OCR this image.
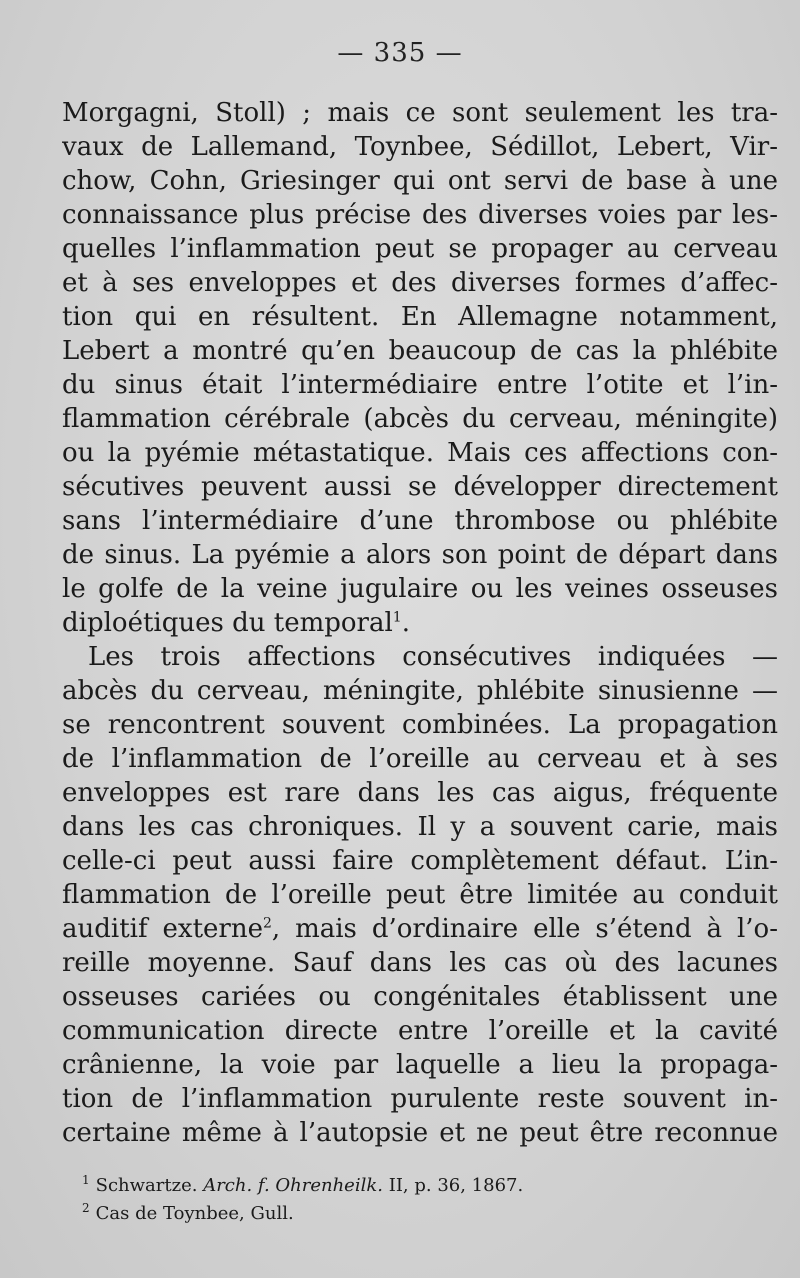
— 335 —
Morgagni, Stoll) ; mais ce sont seulement les tra-
vaux de Lallemand, Toynbee, Sédillot, Lebert, Vir-
chow, Cohn, Griesinger qui ont servi de base à une
connaissance plus précise des diverses voies par les-
quelles l’inflammation peut se propager au cerveau
et à ses enveloppes et des diverses formes d’affec-
tion qui en résultent. En Allemagne notamment,
Lebert a montré qu’en beaucoup de cas la phlébite
du sinus était l’intermédiaire entre l’otite et l’in-
flammation cérébrale (abcès du cerveau, méningite)
ou la pyémie métastatique. Mais ces affections con-
sécutives peuvent aussi se développer directement
sans l’intermédiaire d’une thrombose ou phlébite
de sinus. La pyémie a alors son point de départ dans
le golfe de la veine jugulaire ou les veines osseuses
diploétiques du temporal$^1$.
Les trois affections consécutives indiquées —
abcès du cerveau, méningite, phlébite sinusienne —
se rencontrent souvent combinées. La propagation
de l’inflammation de l’oreille au cerveau et à ses
enveloppes est rare dans les cas aigus, fréquente
dans les cas chroniques. Il y a souvent carie, mais
celle-ci peut aussi faire complètement défaut. L’in-
flammation de l’oreille peut être limitée au conduit
auditif externe$^2$, mais d’ordinaire elle s’étend à l’o-
reille moyenne. Sauf dans les cas où des lacunes
osseuses cariées ou congénitales établissent une
communication directe entre l’oreille et la cavité
crânienne, la voie par laquelle a lieu la propaga-
tion de l’inflammation purulente reste souvent in-
certaine même à l’autopsie et ne peut être reconnue
$^1$ Schwartze. Arch. f. Ohrenheilk. II, p. 36, 1867.
$^2$ Cas de Toynbee, Gull.
